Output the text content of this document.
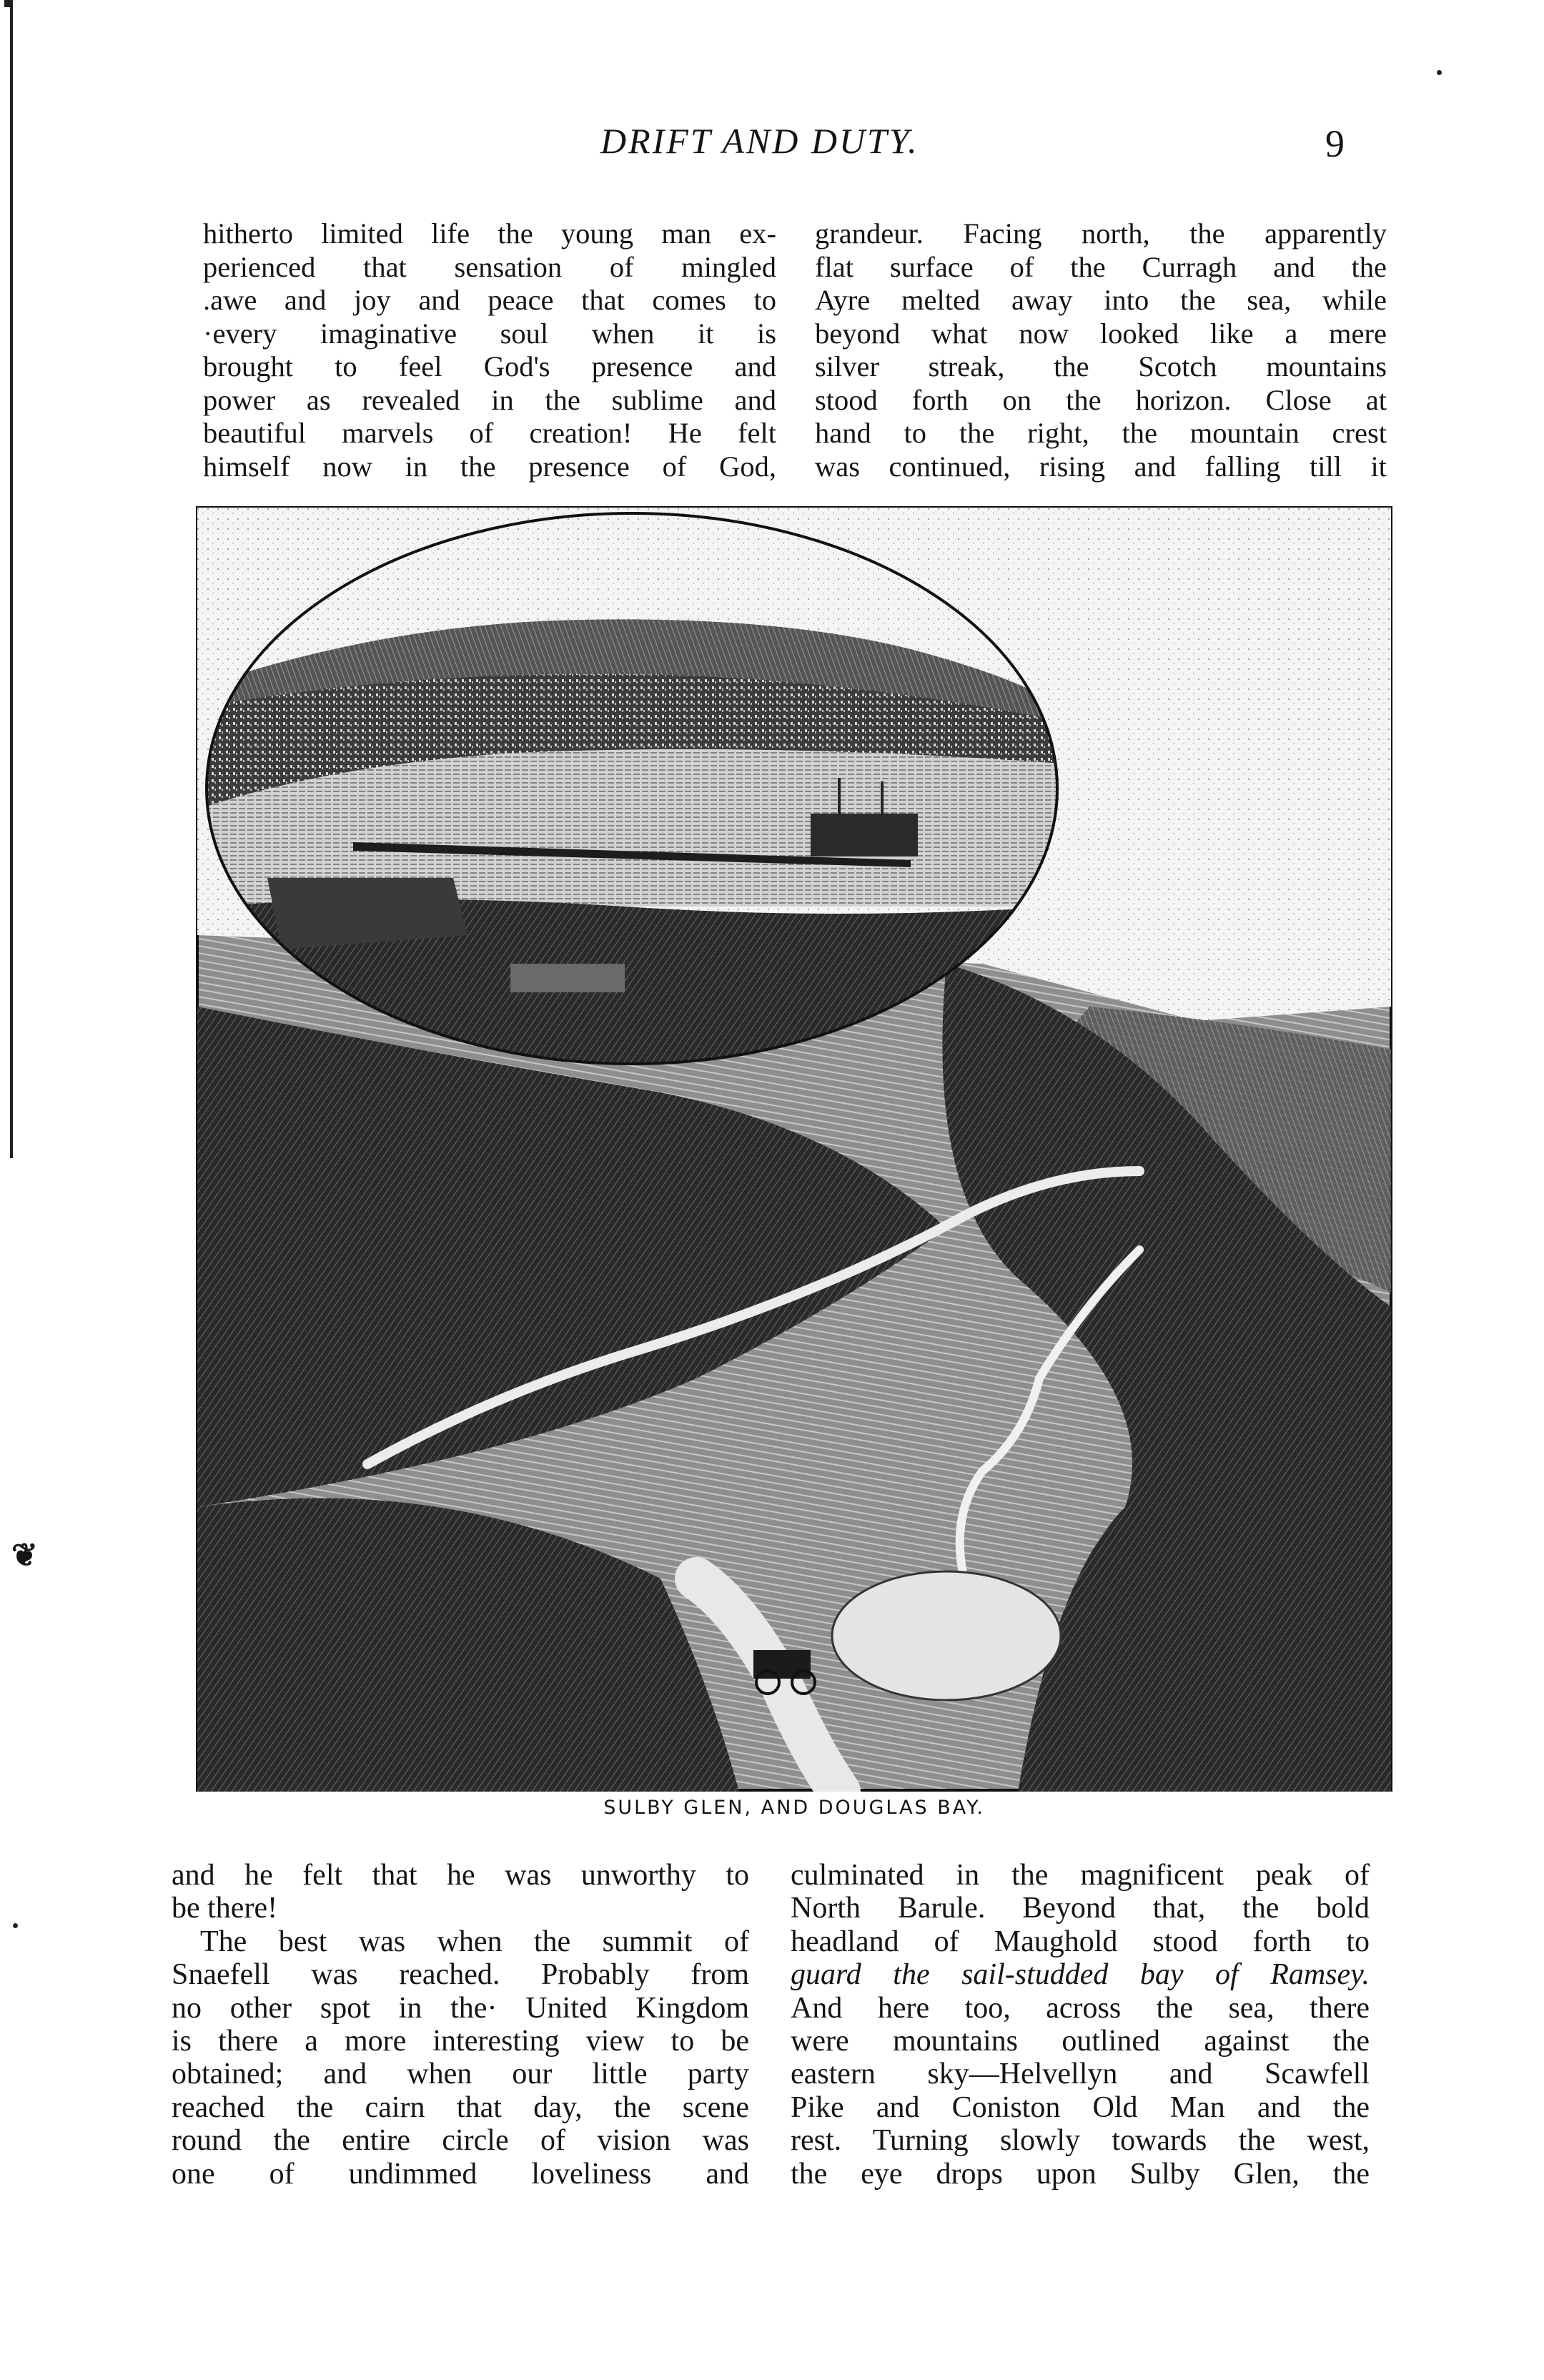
❦
DRIFT AND DUTY.	9
hitherto limited life the young man ex-
perienced that sensation of mingled
.awe and joy and peace that comes to
·every imaginative soul when it is
brought to feel God's presence and
power as revealed in the sublime and
beautiful marvels of creation! He felt
himself now in the presence of God,
grandeur. Facing north, the apparently
flat surface of the Curragh and the
Ayre melted away into the sea, while
beyond what now looked like a mere
silver streak, the Scotch mountains
stood forth on the horizon. Close at
hand to the right, the mountain crest
was continued, rising and falling till it
SULBY GLEN, AND DOUGLAS BAY.
and he felt that he was unworthy to
be there!
The best was when the summit of
Snaefell was reached. Probably from
no other spot in the· United Kingdom
is there a more interesting view to be
obtained; and when our little party
reached the cairn that day, the scene
round the entire circle of vision was
one of undimmed loveliness and
culminated in the magnificent peak of
North Barule. Beyond that, the bold
headland of Maughold stood forth to
guard the sail-studded bay of Ramsey.
And here too, across the sea, there
were mountains outlined against the
eastern sky—Helvellyn and Scawfell
Pike and Coniston Old Man and the
rest. Turning slowly towards the west,
the eye drops upon Sulby Glen, the
